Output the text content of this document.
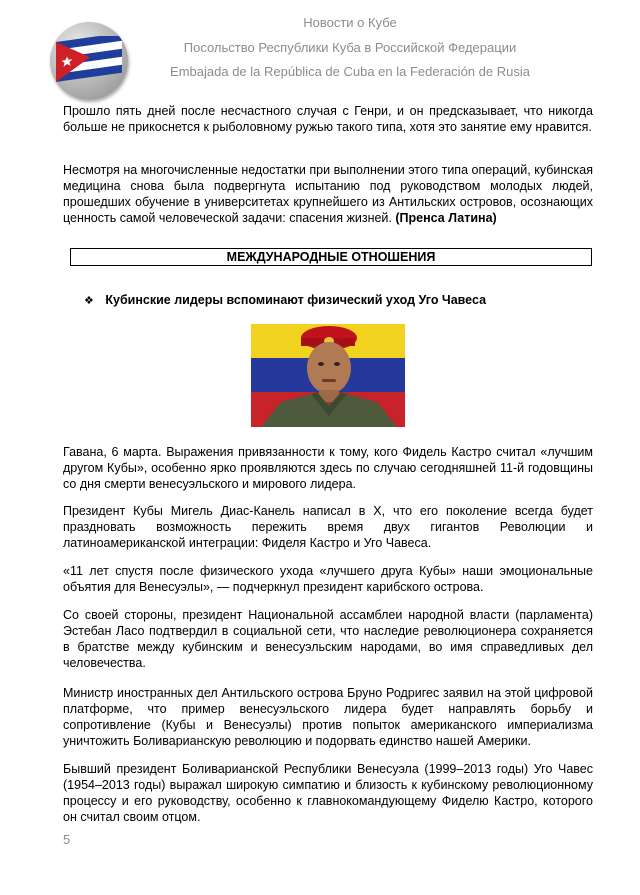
Новости о Кубе
Посольство Республики Куба в Российской Федерации
Embajada de la República de Cuba en la Federación de Rusia
Прошло пять дней после несчастного случая с Генри, и он предсказывает, что никогда больше не прикоснется к рыболовному ружью такого типа, хотя это занятие ему нравится.
Несмотря на многочисленные недостатки при выполнении этого типа операций, кубинская медицина снова была подвергнута испытанию под руководством молодых людей, прошедших обучение в университетах крупнейшего из Антильских островов, осознающих ценность самой человеческой задачи: спасения жизней. (Пренса Латина)
МЕЖДУНАРОДНЫЕ ОТНОШЕНИЯ
❖ Кубинские лидеры вспоминают физический уход Уго Чавеса
Гавана, 6 марта. Выражения привязанности к тому, кого Фидель Кастро считал «лучшим другом Кубы», особенно ярко проявляются здесь по случаю сегодняшней 11-й годовщины со дня смерти венесуэльского и мирового лидера.
Президент Кубы Мигель Диас-Канель написал в X, что его поколение всегда будет праздновать возможность пережить время двух гигантов Революции и латиноамериканской интеграции: Фиделя Кастро и Уго Чавеса.
«11 лет спустя после физического ухода «лучшего друга Кубы» наши эмоциональные объятия для Венесуэлы», — подчеркнул президент карибского острова.
Со своей стороны, президент Национальной ассамблеи народной власти (парламента) Эстебан Ласо подтвердил в социальной сети, что наследие революционера сохраняется в братстве между кубинским и венесуэльским народами, во имя справедливых дел человечества.
Министр иностранных дел Антильского острова Бруно Родригес заявил на этой цифровой платформе, что пример венесуэльского лидера будет направлять борьбу и сопротивление (Кубы и Венесуэлы) против попыток американского империализма уничтожить Боливарианскую революцию и подорвать единство нашей Америки.
Бывший президент Боливарианской Республики Венесуэла (1999–2013 годы) Уго Чавес (1954–2013 годы) выражал широкую симпатию и близость к кубинскому революционному процессу и его руководству, особенно к главнокомандующему Фиделю Кастро, которого он считал своим отцом.
5
